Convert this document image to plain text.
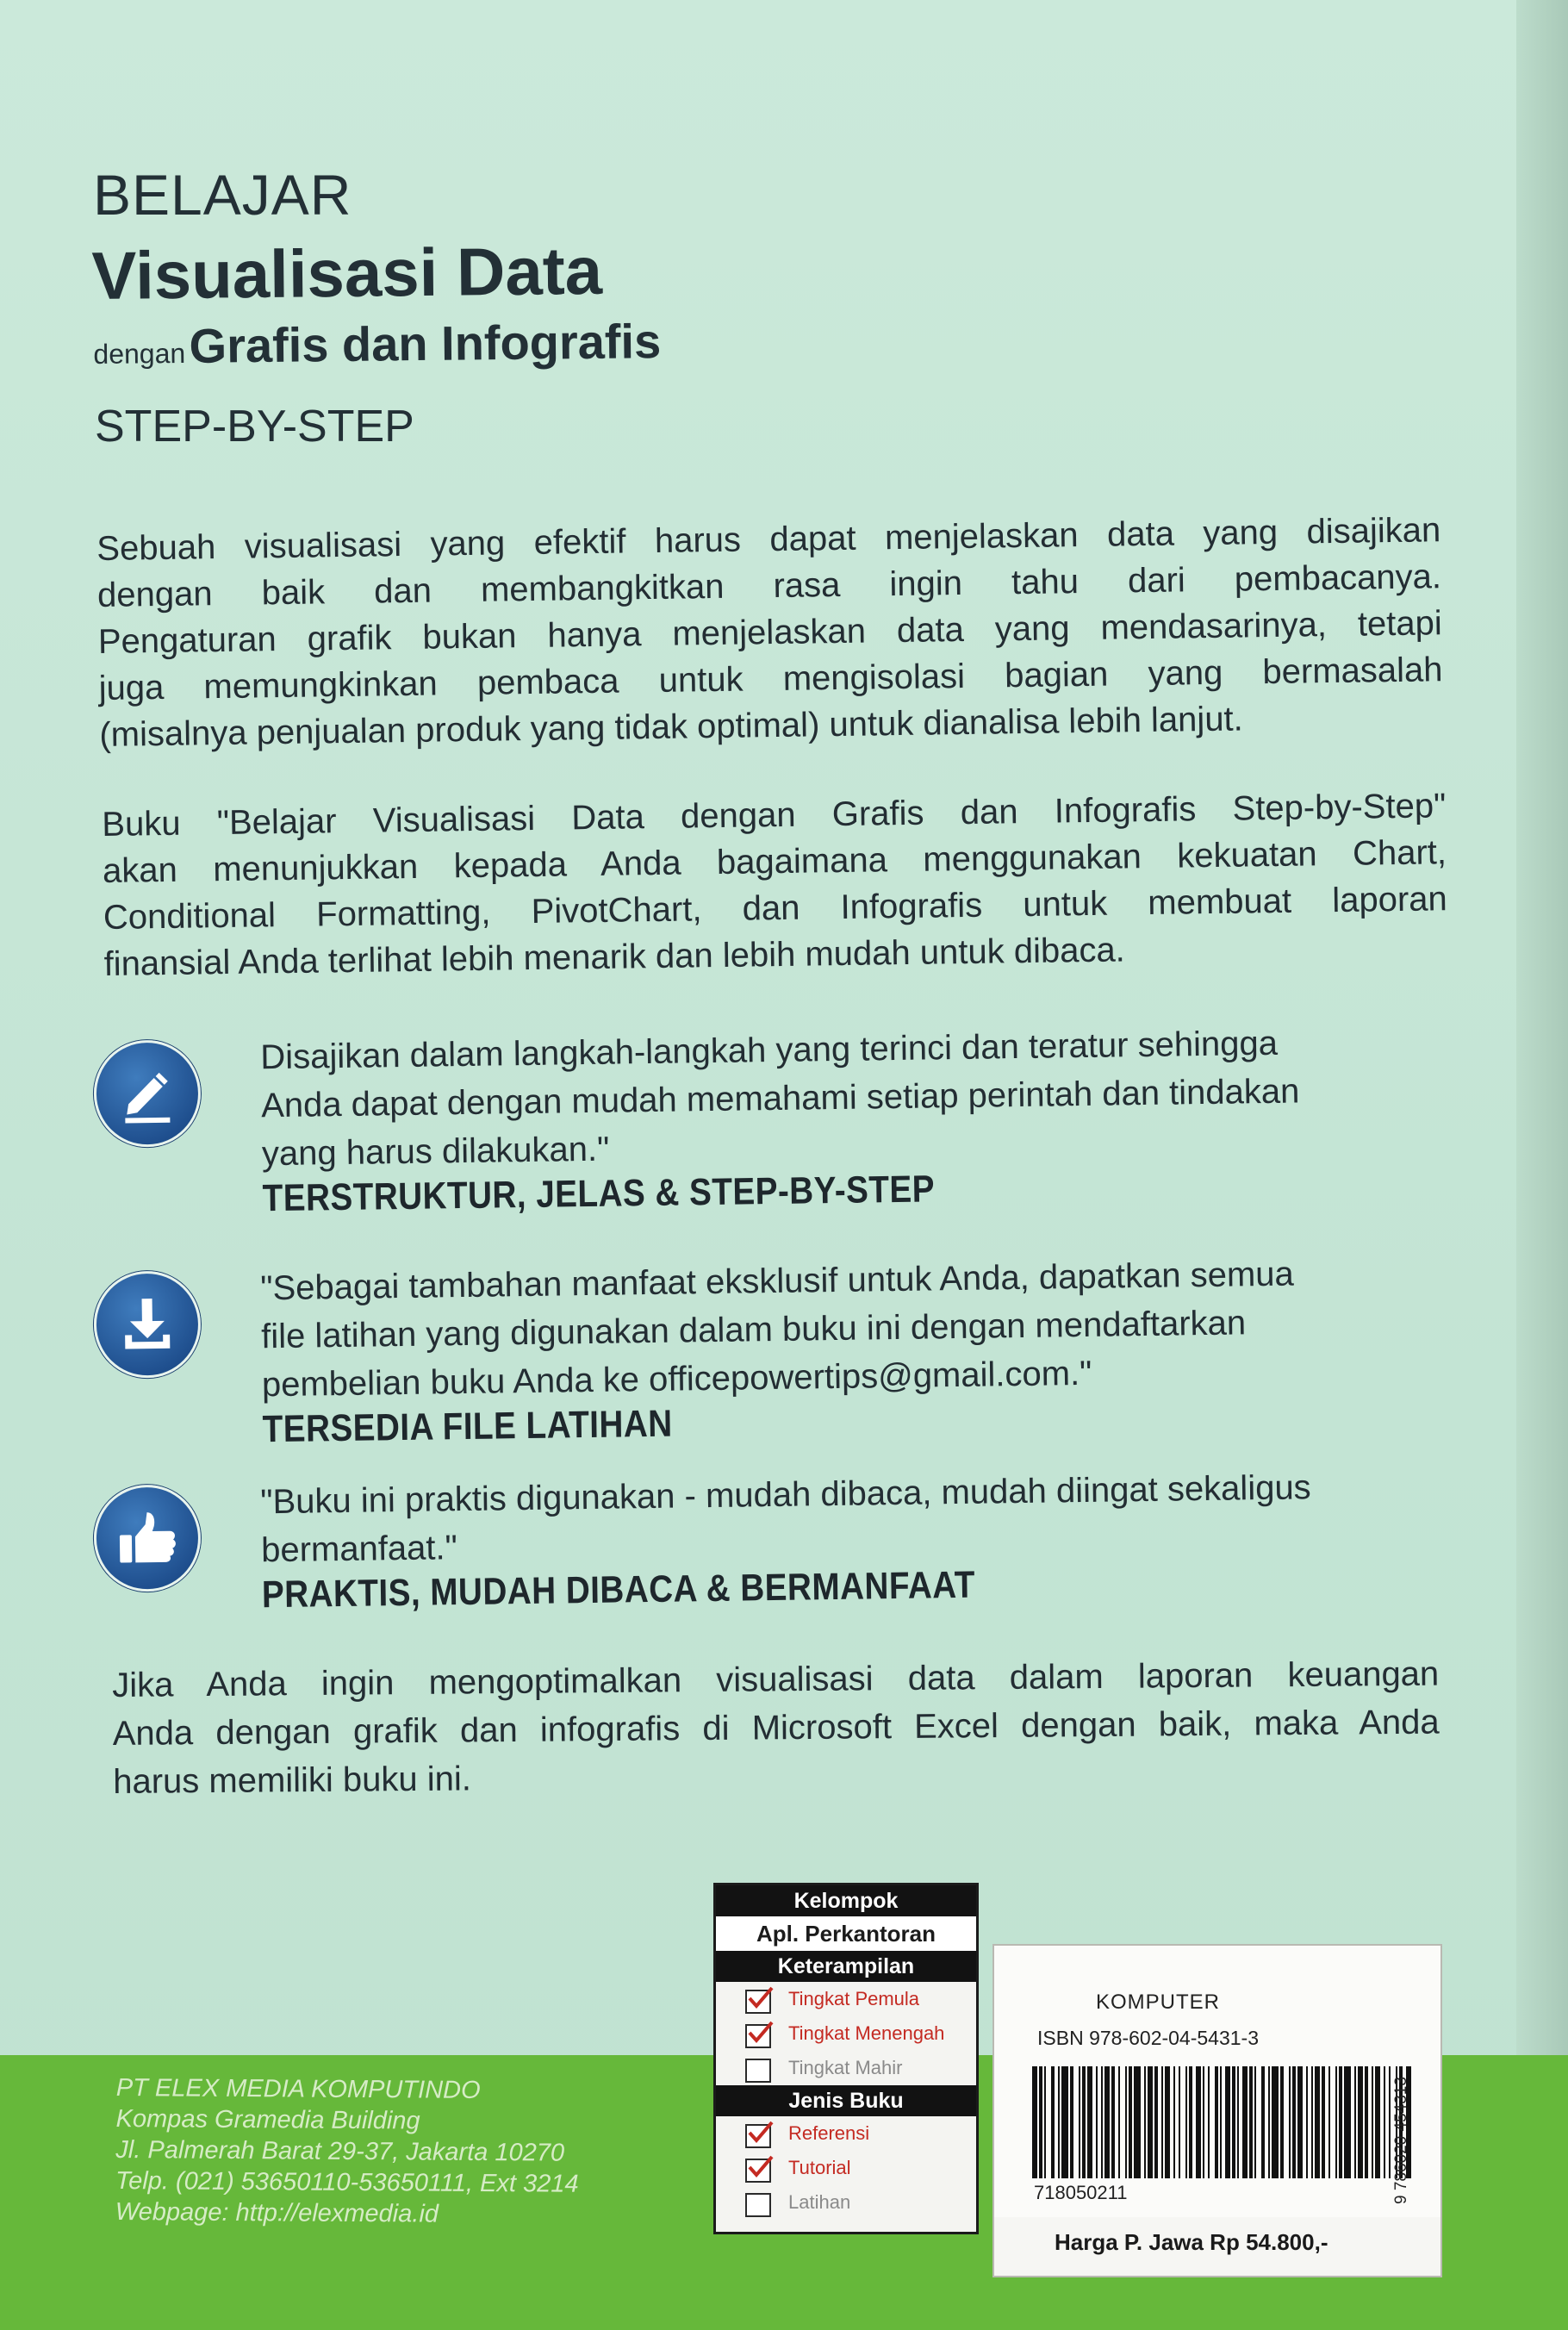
BELAJAR
Visualisasi Data
dengan Grafis dan Infografis
STEP-BY-STEP
Sebuah visualisasi yang efektif harus dapat menjelaskan data yang disajikan
dengan baik dan membangkitkan rasa ingin tahu dari pembacanya.
Pengaturan grafik bukan hanya menjelaskan data yang mendasarinya, tetapi
juga memungkinkan pembaca untuk mengisolasi bagian yang bermasalah
(misalnya penjualan produk yang tidak optimal) untuk dianalisa lebih lanjut.
Buku "Belajar Visualisasi Data dengan Grafis dan Infografis Step-by-Step"
akan menunjukkan kepada Anda bagaimana menggunakan kekuatan Chart,
Conditional Formatting, PivotChart, dan Infografis untuk membuat laporan
finansial Anda terlihat lebih menarik dan lebih mudah untuk dibaca.
Disajikan dalam langkah-langkah yang terinci dan teratur sehingga
Anda dapat dengan mudah memahami setiap perintah dan tindakan
yang harus dilakukan."
TERSTRUKTUR, JELAS & STEP-BY-STEP
"Sebagai tambahan manfaat eksklusif untuk Anda, dapatkan semua
file latihan yang digunakan dalam buku ini dengan mendaftarkan
pembelian buku Anda ke officepowertips@gmail.com."
TERSEDIA FILE LATIHAN
"Buku ini praktis digunakan - mudah dibaca, mudah diingat sekaligus
bermanfaat."
PRAKTIS, MUDAH DIBACA & BERMANFAAT
Jika Anda ingin mengoptimalkan visualisasi data dalam laporan keuangan
Anda dengan grafik dan infografis di Microsoft Excel dengan baik, maka Anda
harus memiliki buku ini.
PT ELEX MEDIA KOMPUTINDO
Kompas Gramedia Building
Jl. Palmerah Barat 29-37, Jakarta 10270
Telp. (021) 53650110-53650111, Ext 3214
Webpage: http://elexmedia.id
Kelompok
Apl. Perkantoran
Keterampilan
Tingkat Pemula
Tingkat Menengah
Tingkat Mahir
Jenis Buku
Referensi
Tutorial
Latihan
KOMPUTER
ISBN 978-602-04-5431-3
718050211	9 786020 454313
Harga P. Jawa Rp 54.800,-
